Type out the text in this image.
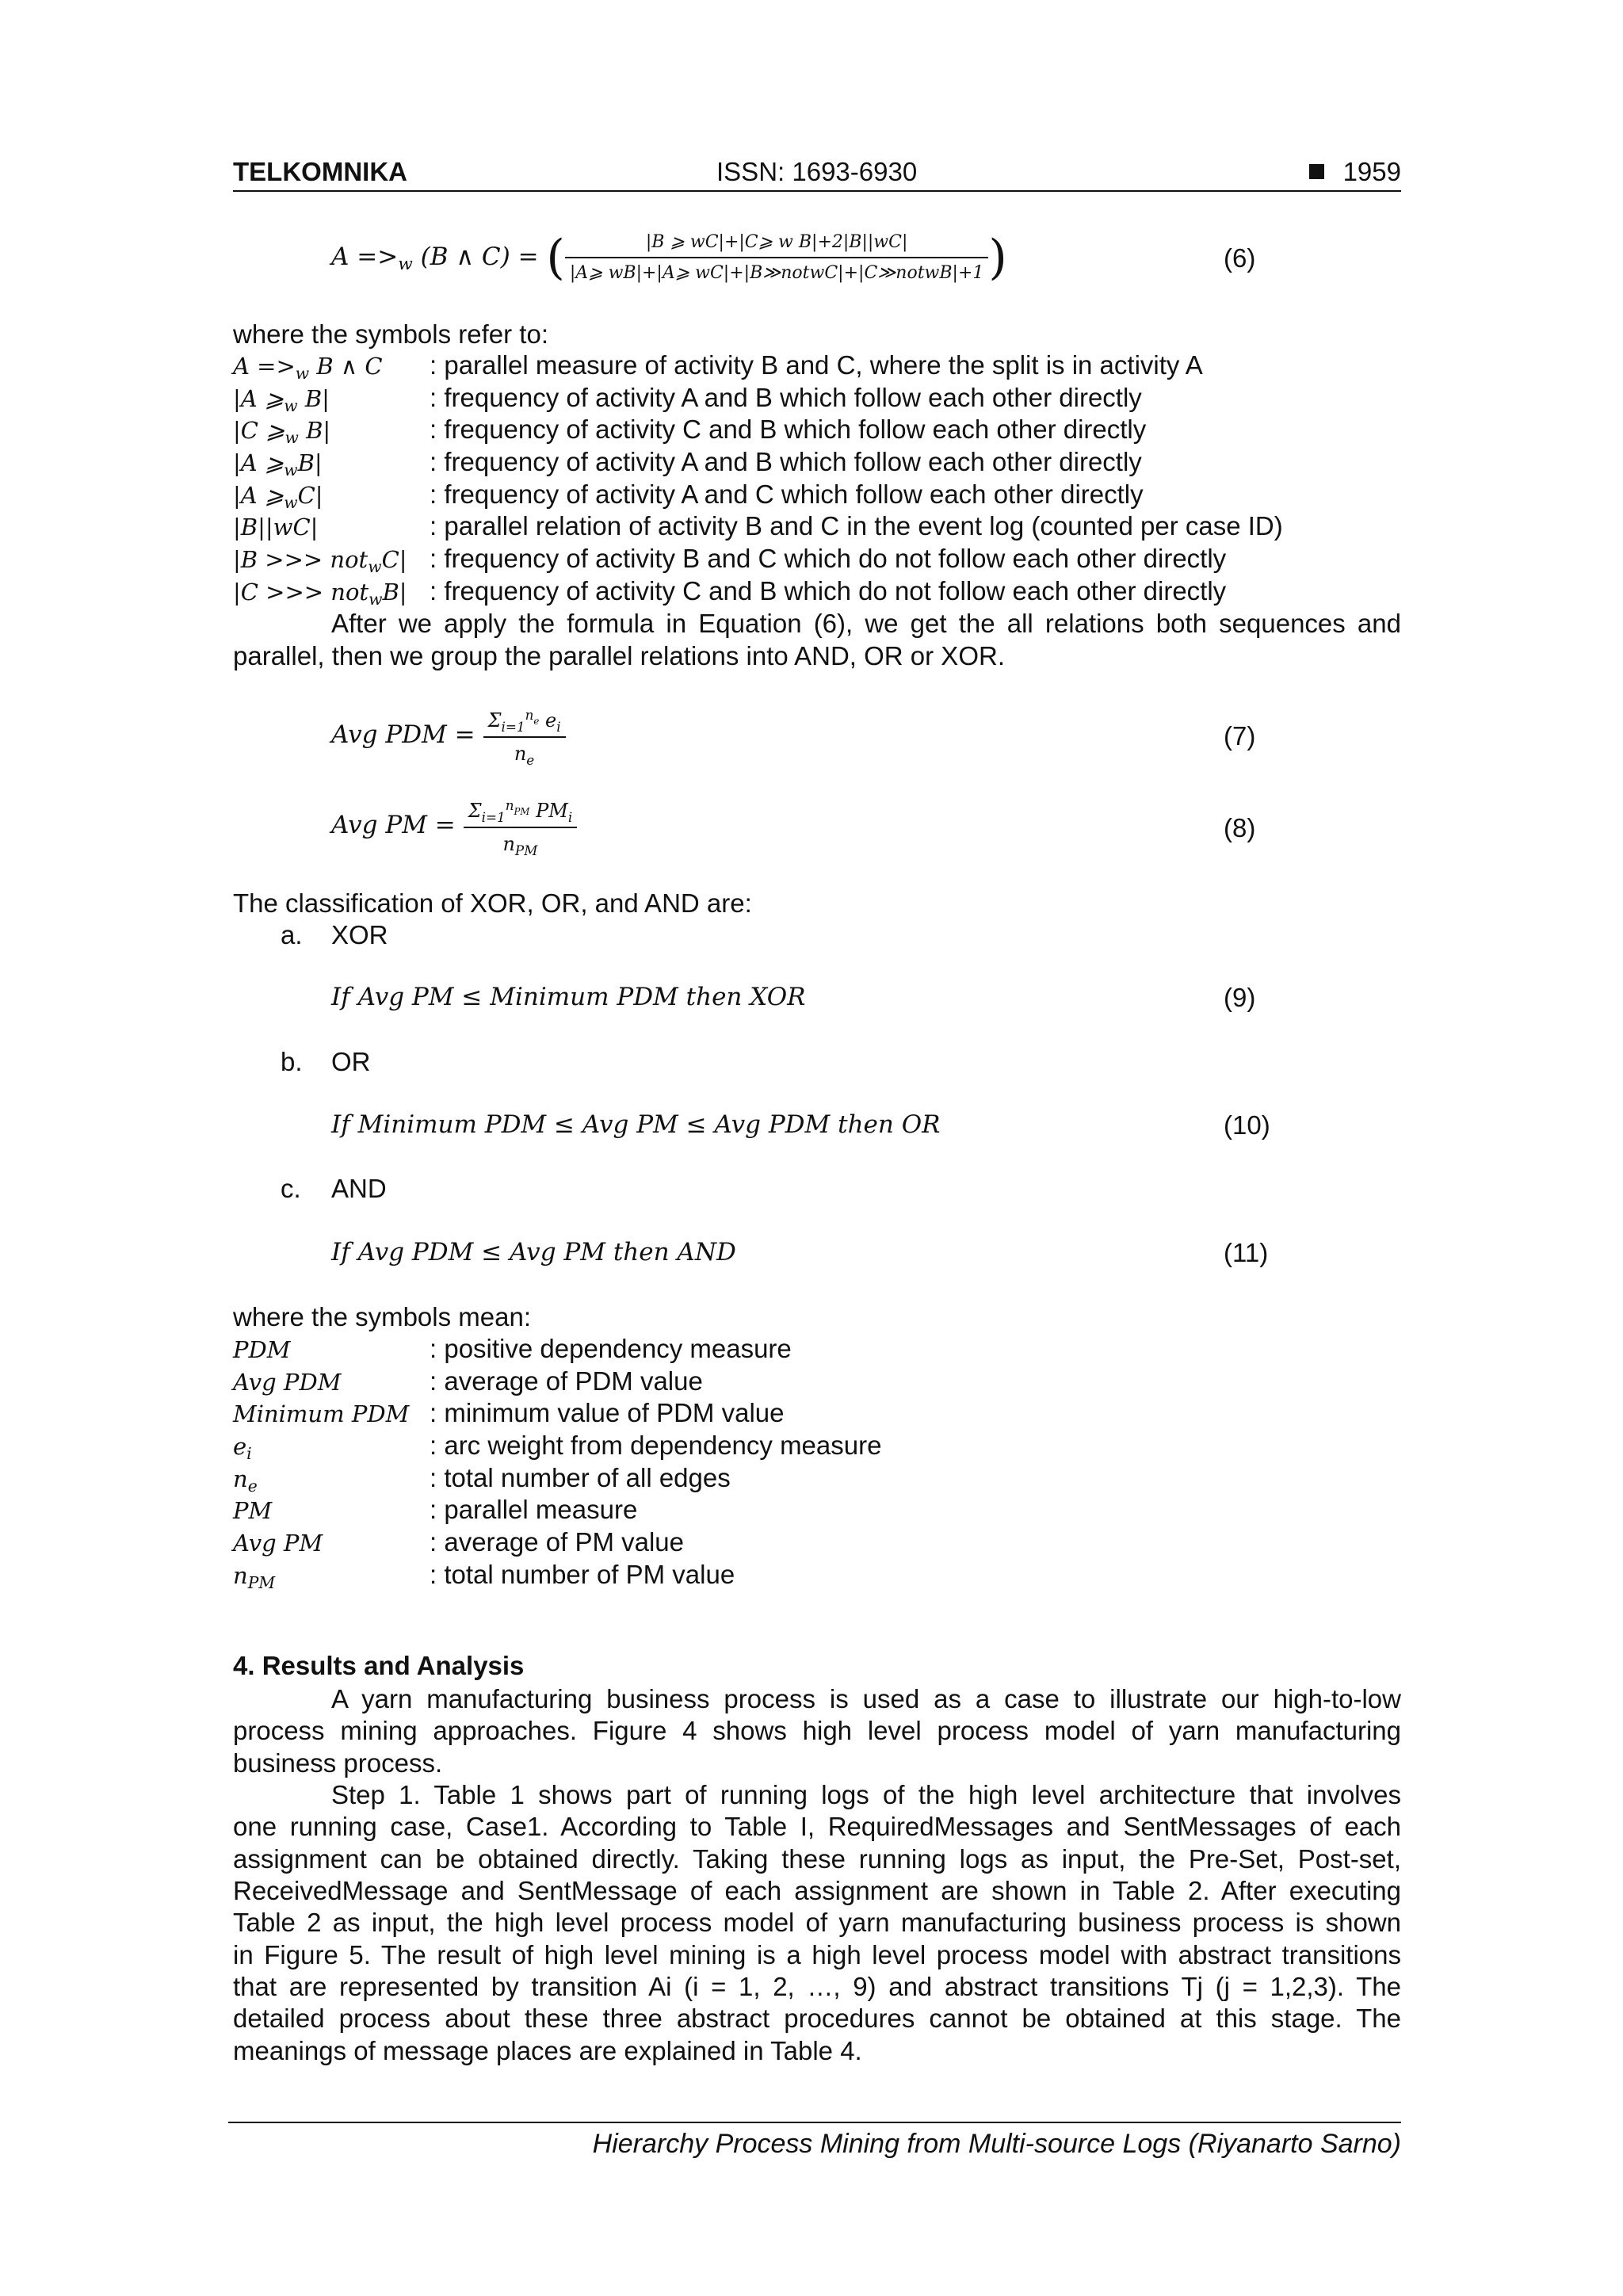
TELKOMNIKA	ISSN: 1693-6930	1959
$A =>_w$ (B ∧ C) = ( $\frac{\text{|B ⩾ wC|+|C⩾ w B|+2|B||wC|}}{\text{|A⩾ wB|+|A⩾ wC|+|B≫notwC|+|C≫notwB|+1}}$ )	(6)
where the symbols refer to:
$A =>_w$ B ∧ C : parallel measure of activity B and C, where the split is in activity A
|A $⩾_w$ B|	: frequency of activity A and B which follow each other directly
|C $⩾_w$ B|	: frequency of activity C and B which follow each other directly
|A $⩾_wB|$	: frequency of activity A and B which follow each other directly
|A $⩾_wC|$	: frequency of activity A and C which follow each other directly
|B||wC|	: parallel relation of activity B and C in the event log (counted per case ID)
|B >>> not$_w$C| : frequency of activity B and C which do not follow each other directly
|C >>> not$_w$B| : frequency of activity C and B which do not follow each other directly
After we apply the formula in Equation (6), we get the all relations both sequences and
parallel, then we group the parallel relations into AND, OR or XOR.
Avg PDM = $\frac{\Sigma_{i=1}^{n_e} e_i}{n_e}$	(7)
Avg PM = $\frac{\Sigma_{i=1}^{n_{PM}} PM_i}{n_{PM}}$	(8)
The classification of XOR, OR, and AND are:
a. XOR
If Avg PM ≤ Minimum PDM then XOR	(9)
b. OR
If Minimum PDM ≤ Avg PM ≤ Avg PDM then OR	(10)
c. AND
If Avg PDM ≤ Avg PM then AND	(11)
where the symbols mean:
PDM	: positive dependency measure
Avg PDM	: average of PDM value
Minimum PDM : minimum value of PDM value
$e_i$	: arc weight from dependency measure
$n_e$	: total number of all edges
PM	: parallel measure
Avg PM	: average of PM value
$n_{PM}$	: total number of PM value
4. Results and Analysis
A yarn manufacturing business process is used as a case to illustrate our high-to-low
process mining approaches. Figure 4 shows high level process model of yarn manufacturing
business process.
Step 1. Table 1 shows part of running logs of the high level architecture that involves
one running case, Case1. According to Table I, RequiredMessages and SentMessages of each
assignment can be obtained directly. Taking these running logs as input, the Pre-Set, Post-set,
ReceivedMessage and SentMessage of each assignment are shown in Table 2. After executing
Table 2 as input, the high level process model of yarn manufacturing business process is shown
in Figure 5. The result of high level mining is a high level process model with abstract transitions
that are represented by transition Ai (i = 1, 2, …, 9) and abstract transitions Tj (j = 1,2,3). The
detailed process about these three abstract procedures cannot be obtained at this stage. The
meanings of message places are explained in Table 4.
Hierarchy Process Mining from Multi-source Logs (Riyanarto Sarno)
